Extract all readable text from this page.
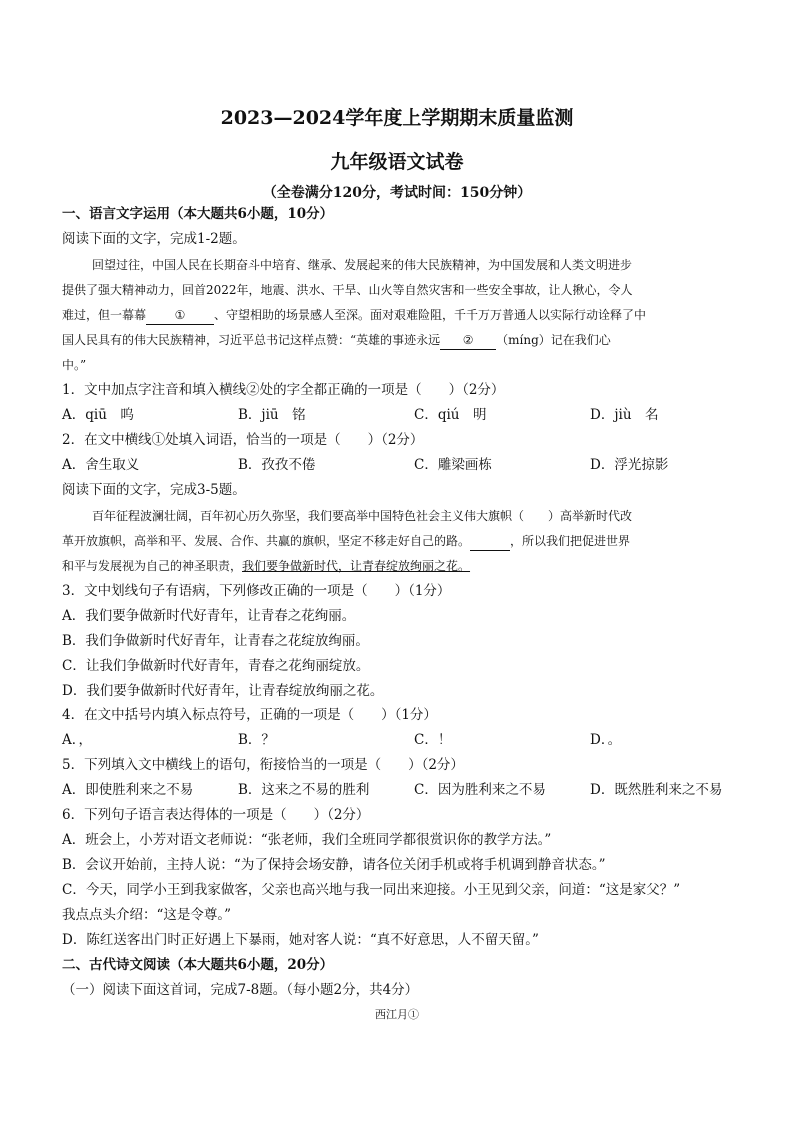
2023—2024学年度上学期期末质量监测
九年级语文试卷
（全卷满分120分，考试时间：150分钟）
一、语言文字运用（本大题共6小题，10分）
阅读下面的文字，完成1-2题。
回望过往，中国人民在长期奋斗中培育、继承、发展起来的伟大民族精神，为中国发展和人类文明进步
提供了强大精神动力，回首2022年，地震、洪水、干旱、山火等自然灾害和一些安全事故，让人揪心，令人
难过，但一幕幕 ① 、守望相助的场景感人至深。面对艰难险阻，千千万万普通人以实际行动诠释了中
国人民具有的伟大民族精神，习近平总书记这样点赞：“英雄的事迹永远 ② （míng）记在我们心
中。”
1．文中加点字注音和填入横线②处的字全都正确的一项是（　　）（2分）
A．qiū　呜	B．jiū　铭	C．qiú　明	D．jiù　名
2．在文中横线①处填入词语，恰当的一项是（　　）（2分）
A．舍生取义	B．孜孜不倦	C．雕梁画栋	D．浮光掠影
阅读下面的文字，完成3-5题。
百年征程波澜壮阔，百年初心历久弥坚，我们要高举中国特色社会主义伟大旗帜（　　）高举新时代改
革开放旗帜，高举和平、发展、合作、共赢的旗帜，坚定不移走好自己的路。	，所以我们把促进世界
和平与发展视为自己的神圣职责，我们要争做新时代，让青春绽放绚丽之花。
3．文中划线句子有语病，下列修改正确的一项是（　　）（1分）
A．我们要争做新时代好青年，让青春之花绚丽。
B．我们争做新时代好青年，让青春之花绽放绚丽。
C．让我们争做新时代好青年，青春之花绚丽绽放。
D．我们要争做新时代好青年，让青春绽放绚丽之花。
4．在文中括号内填入标点符号，正确的一项是（　　）（1分）
A．，	B．？	C．！	D．。
5．下列填入文中横线上的语句，衔接恰当的一项是（　　）（2分）
A．即使胜利来之不易	B．这来之不易的胜利	C．因为胜利来之不易	D．既然胜利来之不易
6．下列句子语言表达得体的一项是（　　）（2分）
A．班会上，小芳对语文老师说：“张老师，我们全班同学都很赏识你的教学方法。”
B．会议开始前，主持人说：“为了保持会场安静，请各位关闭手机或将手机调到静音状态。”
C．今天，同学小王到我家做客，父亲也高兴地与我一同出来迎接。小王见到父亲，问道：“这是家父？”
我点点头介绍：“这是令尊。”
D．陈红送客出门时正好遇上下暴雨，她对客人说：“真不好意思，人不留天留。”
二、古代诗文阅读（本大题共6小题，20分）
（一）阅读下面这首词，完成7-8题。（每小题2分，共4分）
西江月①
